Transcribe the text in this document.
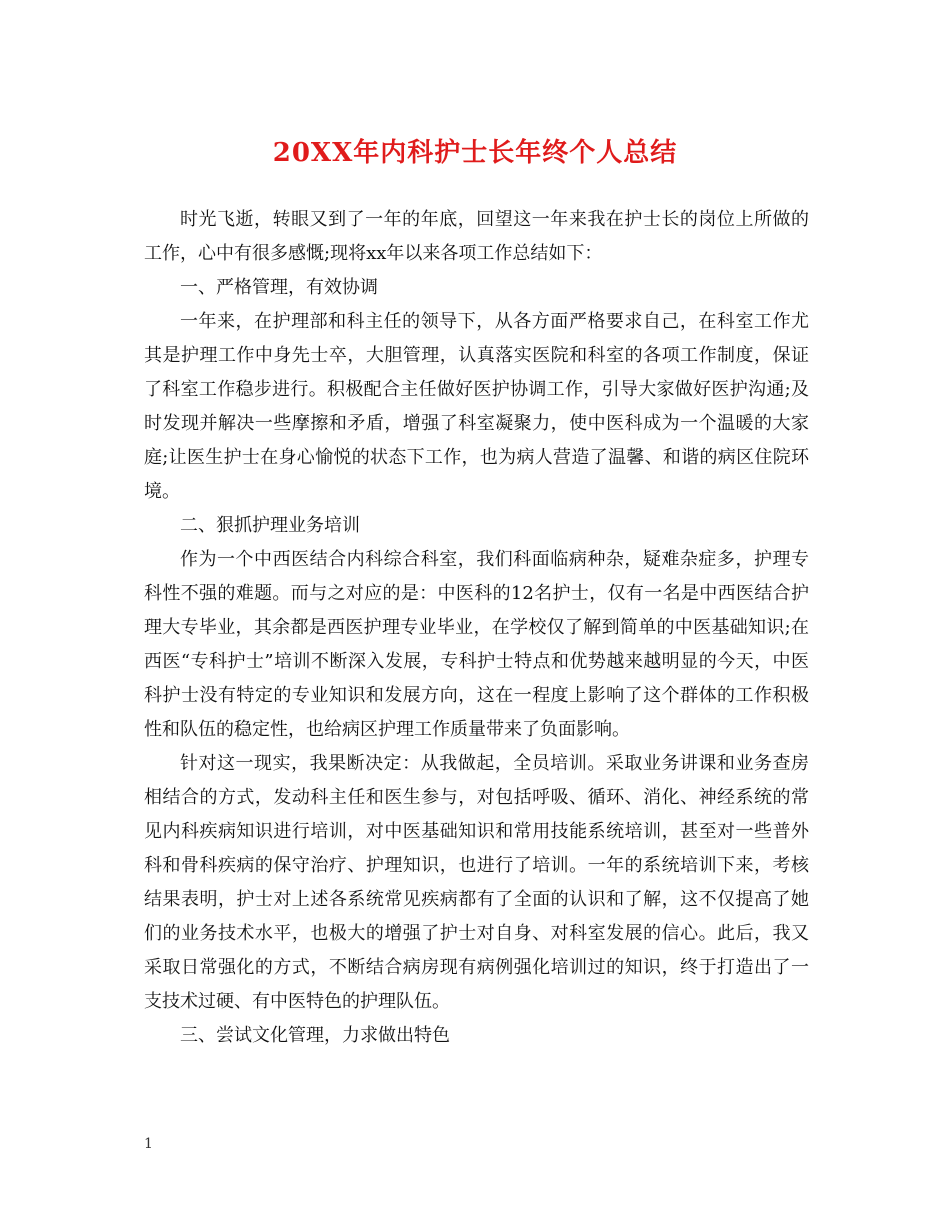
20XX年内科护士长年终个人总结

时光飞逝，转眼又到了一年的年底，回望这一年来我在护士长的岗位上所做的工作，心中有很多感慨;现将xx年以来各项工作总结如下：

一、严格管理，有效协调

一年来，在护理部和科主任的领导下，从各方面严格要求自己，在科室工作尤其是护理工作中身先士卒，大胆管理，认真落实医院和科室的各项工作制度，保证了科室工作稳步进行。积极配合主任做好医护协调工作，引导大家做好医护沟通;及时发现并解决一些摩擦和矛盾，增强了科室凝聚力，使中医科成为一个温暖的大家庭;让医生护士在身心愉悦的状态下工作，也为病人营造了温馨、和谐的病区住院环境。

二、狠抓护理业务培训

作为一个中西医结合内科综合科室，我们科面临病种杂，疑难杂症多，护理专科性不强的难题。而与之对应的是：中医科的12名护士，仅有一名是中西医结合护理大专毕业，其余都是西医护理专业毕业，在学校仅了解到简单的中医基础知识;在西医“专科护士”培训不断深入发展，专科护士特点和优势越来越明显的今天，中医科护士没有特定的专业知识和发展方向，这在一程度上影响了这个群体的工作积极性和队伍的稳定性，也给病区护理工作质量带来了负面影响。

针对这一现实，我果断决定：从我做起，全员培训。采取业务讲课和业务查房相结合的方式，发动科主任和医生参与，对包括呼吸、循环、消化、神经系统的常见内科疾病知识进行培训，对中医基础知识和常用技能系统培训，甚至对一些普外科和骨科疾病的保守治疗、护理知识，也进行了培训。一年的系统培训下来，考核结果表明，护士对上述各系统常见疾病都有了全面的认识和了解，这不仅提高了她们的业务技术水平，也极大的增强了护士对自身、对科室发展的信心。此后，我又采取日常强化的方式，不断结合病房现有病例强化培训过的知识，终于打造出了一支技术过硬、有中医特色的护理队伍。

三、尝试文化管理，力求做出特色

1
